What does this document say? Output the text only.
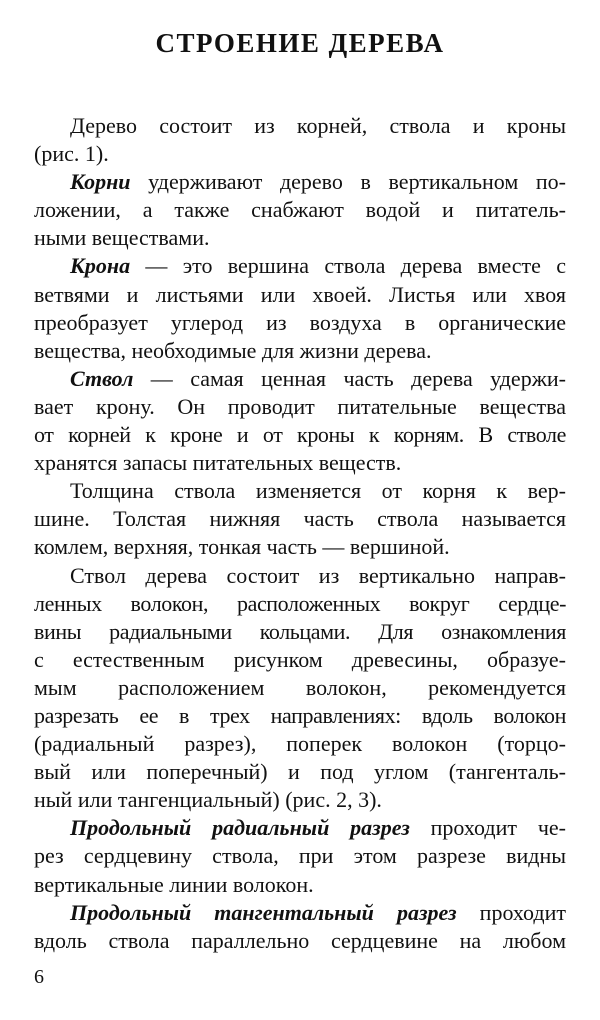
СТРОЕНИЕ ДЕРЕВА
Дерево состоит из корней, ствола и кроны
(рис. 1).
Корни удерживают дерево в вертикальном по-
ложении, а также снабжают водой и питатель-
ными веществами.
Крона — это вершина ствола дерева вместе с
ветвями и листьями или хвоей. Листья или хвоя
преобразует углерод из воздуха в органические
вещества, необходимые для жизни дерева.
Ствол — самая ценная часть дерева удержи-
вает крону. Он проводит питательные вещества
от корней к кроне и от кроны к корням. В стволе
хранятся запасы питательных веществ.
Толщина ствола изменяется от корня к вер-
шине. Толстая нижняя часть ствола называется
комлем, верхняя, тонкая часть — вершиной.
Ствол дерева состоит из вертикально направ-
ленных волокон, расположенных вокруг сердце-
вины радиальными кольцами. Для ознакомления
с естественным рисунком древесины, образуе-
мым расположением волокон, рекомендуется
разрезать ее в трех направлениях: вдоль волокон
(радиальный разрез), поперек волокон (торцо-
вый или поперечный) и под углом (тангенталь-
ный или тангенциальный) (рис. 2, 3).
Продольный радиальный разрез проходит че-
рез сердцевину ствола, при этом разрезе видны
вертикальные линии волокон.
Продольный тангентальный разрез проходит
вдоль ствола параллельно сердцевине на любом
6
